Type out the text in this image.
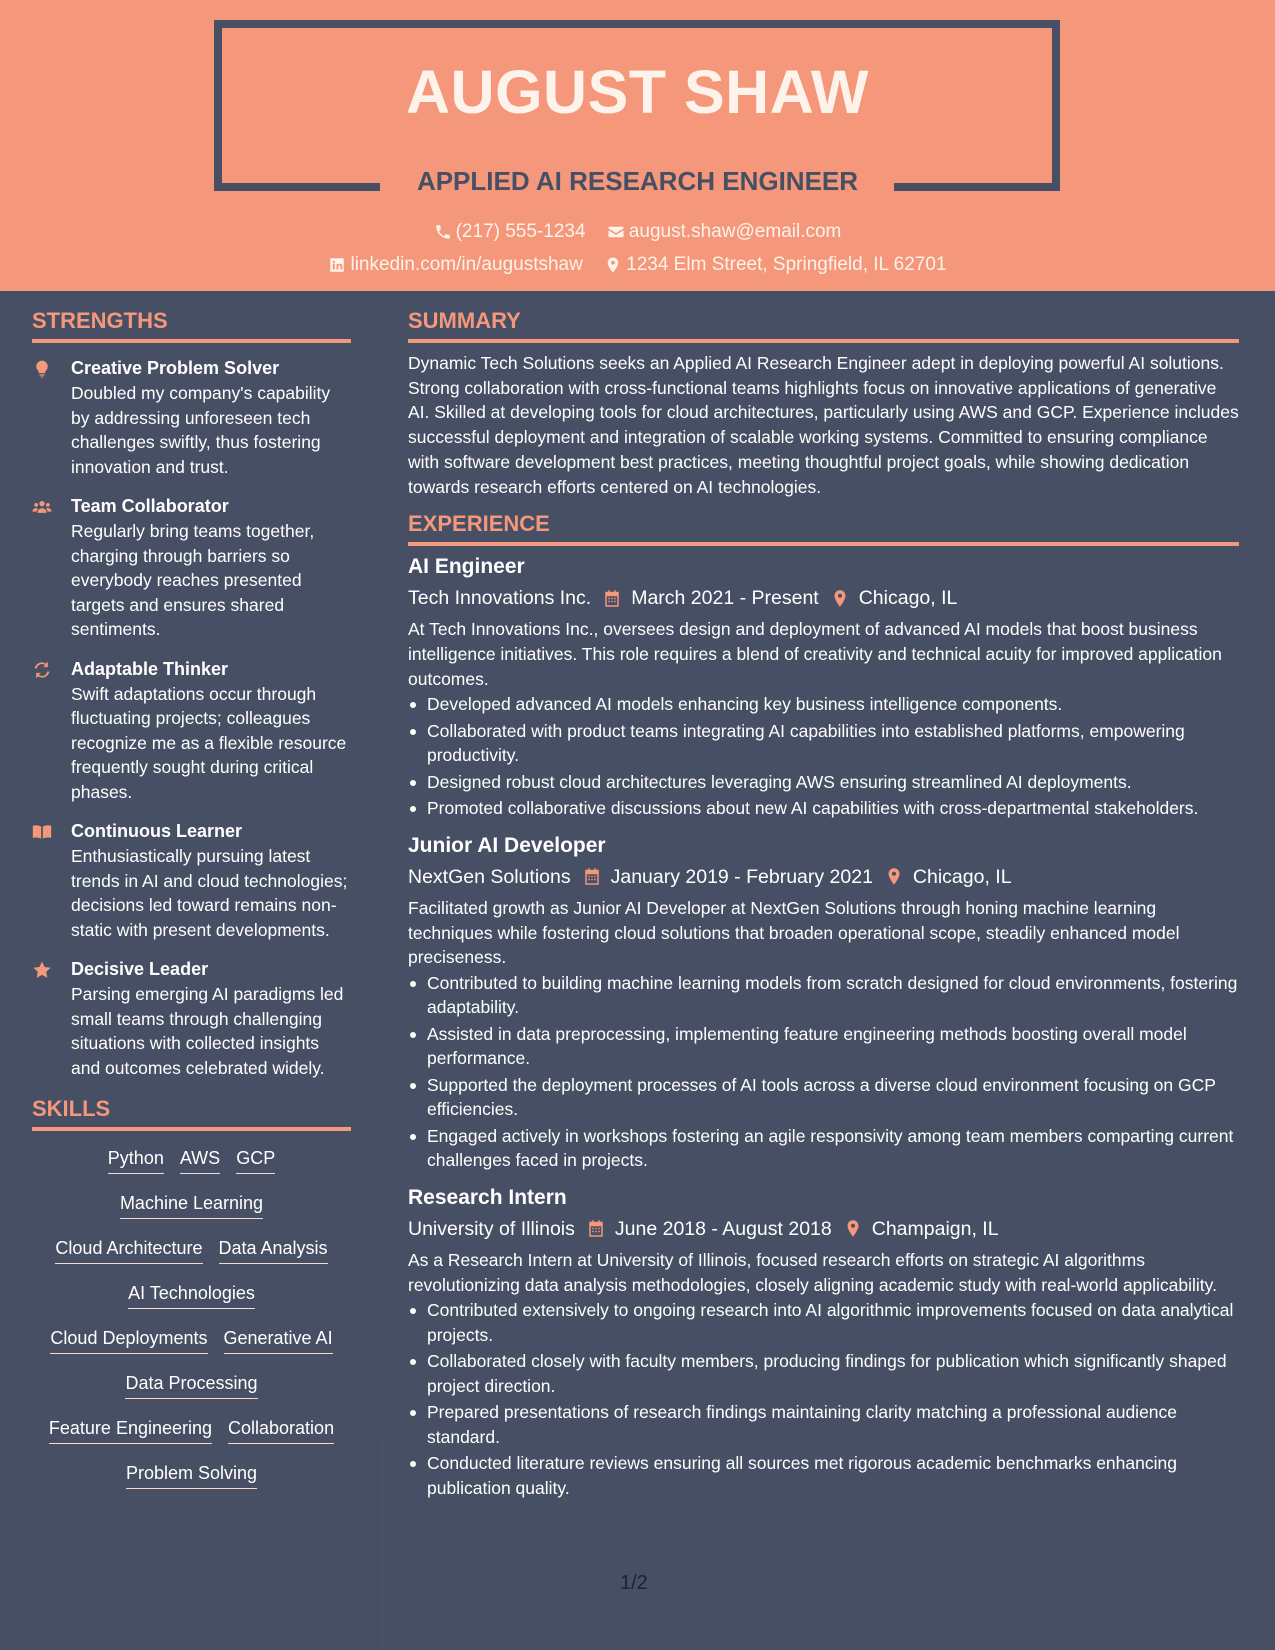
AUGUST SHAW
APPLIED AI RESEARCH ENGINEER
(217) 555-1234
august.shaw@email.com
linkedin.com/in/augustshaw
1234 Elm Street, Springfield, IL 62701
STRENGTHS
Creative Problem Solver
Doubled my company's capability by addressing unforeseen tech challenges swiftly, thus fostering innovation and trust.
Team Collaborator
Regularly bring teams together, charging through barriers so everybody reaches presented targets and ensures shared sentiments.
Adaptable Thinker
Swift adaptations occur through fluctuating projects; colleagues recognize me as a flexible resource frequently sought during critical phases.
Continuous Learner
Enthusiastically pursuing latest trends in AI and cloud technologies; decisions led toward remains non-static with present developments.
Decisive Leader
Parsing emerging AI paradigms led small teams through challenging situations with collected insights and outcomes celebrated widely.
SKILLS
Python AWS GCP
Machine Learning
Cloud Architecture Data Analysis
AI Technologies
Cloud Deployments Generative AI
Data Processing
Feature Engineering Collaboration
Problem Solving
SUMMARY
Dynamic Tech Solutions seeks an Applied AI Research Engineer adept in deploying powerful AI solutions. Strong collaboration with cross-functional teams highlights focus on innovative applications of generative AI. Skilled at developing tools for cloud architectures, particularly using AWS and GCP. Experience includes successful deployment and integration of scalable working systems. Committed to ensuring compliance with software development best practices, meeting thoughtful project goals, while showing dedication towards research efforts centered on AI technologies.
EXPERIENCE
AI Engineer
Tech Innovations Inc. March 2021 - Present Chicago, IL
At Tech Innovations Inc., oversees design and deployment of advanced AI models that boost business intelligence initiatives. This role requires a blend of creativity and technical acuity for improved application outcomes.
Developed advanced AI models enhancing key business intelligence components.
Collaborated with product teams integrating AI capabilities into established platforms, empowering productivity.
Designed robust cloud architectures leveraging AWS ensuring streamlined AI deployments.
Promoted collaborative discussions about new AI capabilities with cross-departmental stakeholders.
Junior AI Developer
NextGen Solutions January 2019 - February 2021 Chicago, IL
Facilitated growth as Junior AI Developer at NextGen Solutions through honing machine learning techniques while fostering cloud solutions that broaden operational scope, steadily enhanced model preciseness.
Contributed to building machine learning models from scratch designed for cloud environments, fostering adaptability.
Assisted in data preprocessing, implementing feature engineering methods boosting overall model performance.
Supported the deployment processes of AI tools across a diverse cloud environment focusing on GCP efficiencies.
Engaged actively in workshops fostering an agile responsivity among team members comparting current challenges faced in projects.
Research Intern
University of Illinois June 2018 - August 2018 Champaign, IL
As a Research Intern at University of Illinois, focused research efforts on strategic AI algorithms revolutionizing data analysis methodologies, closely aligning academic study with real-world applicability.
Contributed extensively to ongoing research into AI algorithmic improvements focused on data analytical projects.
Collaborated closely with faculty members, producing findings for publication which significantly shaped project direction.
Prepared presentations of research findings maintaining clarity matching a professional audience standard.
Conducted literature reviews ensuring all sources met rigorous academic benchmarks enhancing publication quality.
1/2
